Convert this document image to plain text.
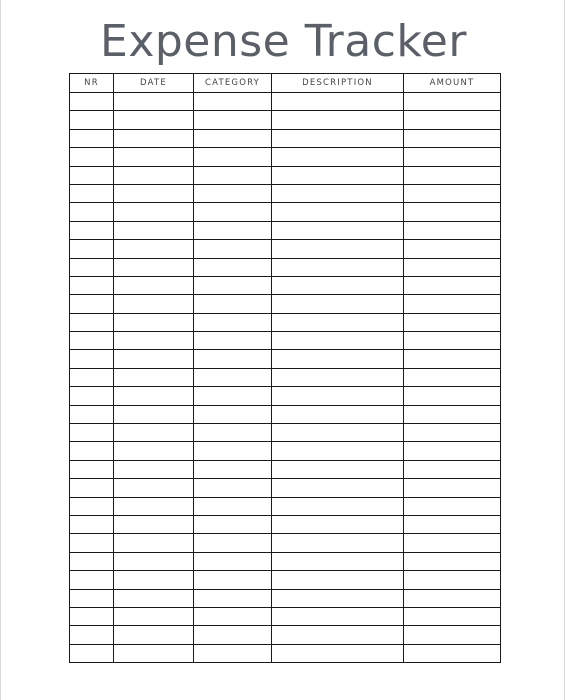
Expense Tracker
NR	DATE	CATEGORY	DESCRIPTION	AMOUNT
